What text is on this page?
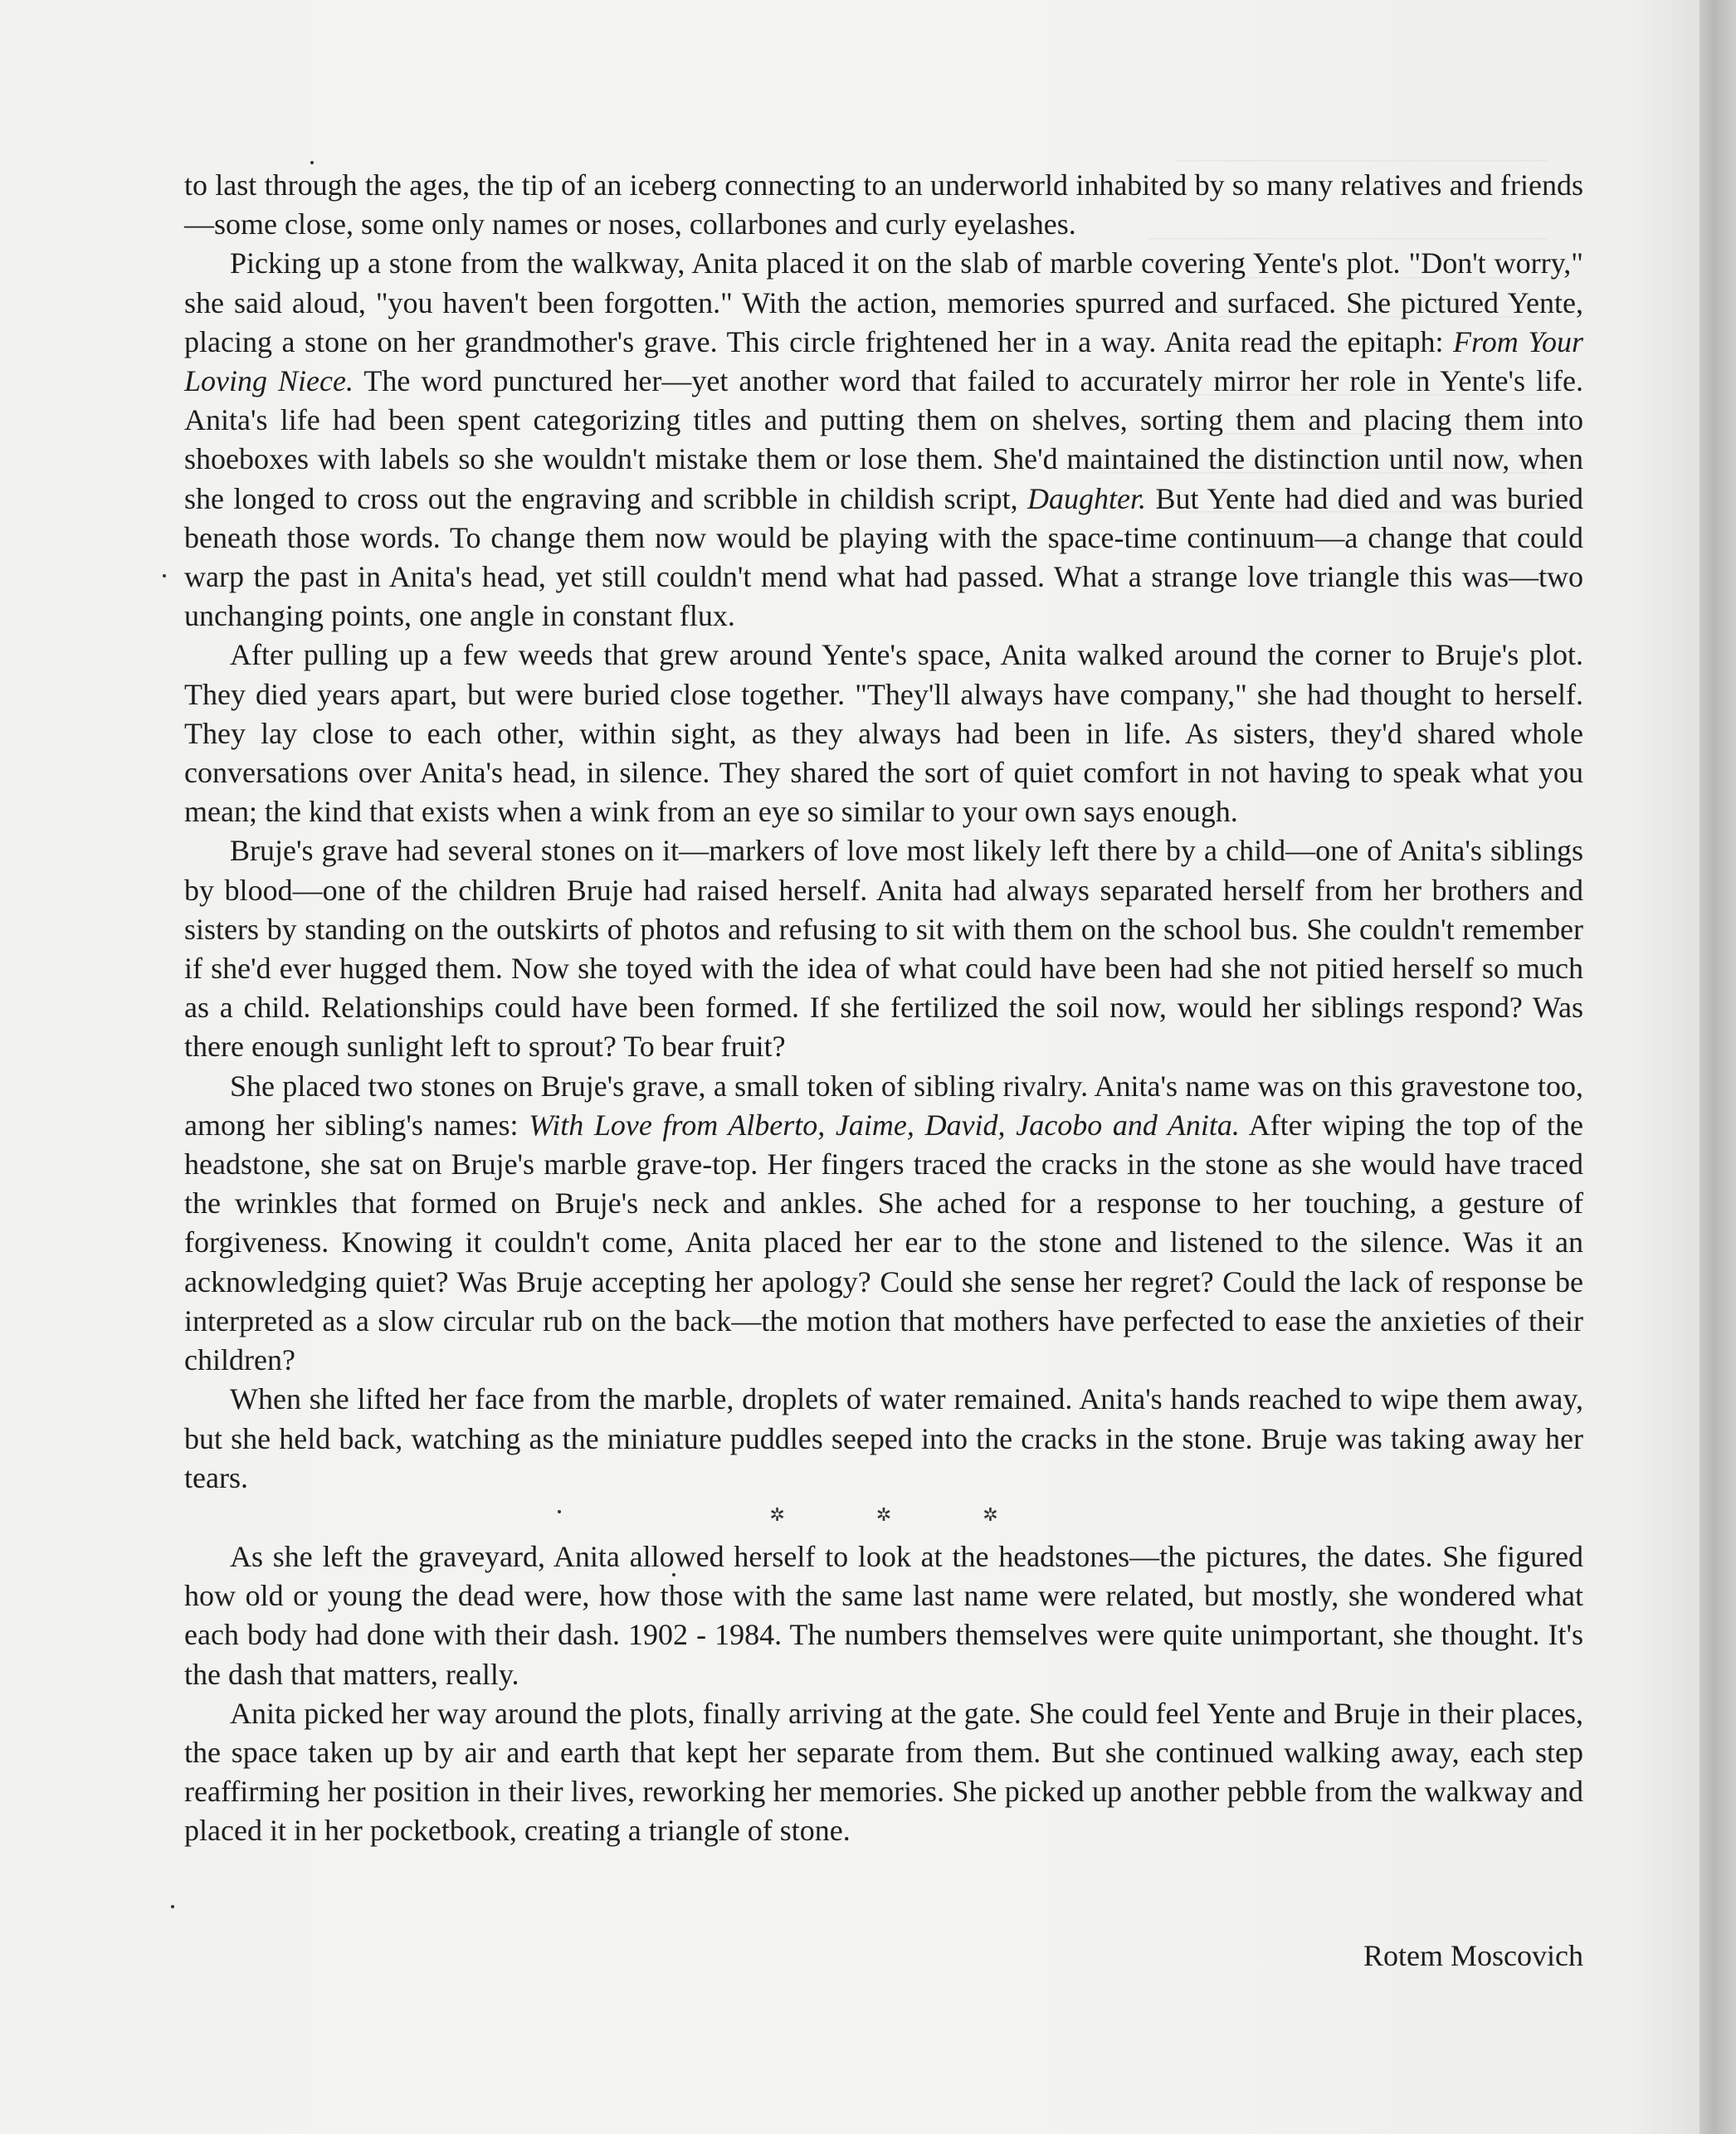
to last through the ages, the tip of an iceberg connecting to an underworld inhabited by so many relatives and friends—some close, some only names or noses, collarbones and curly eyelashes.

Picking up a stone from the walkway, Anita placed it on the slab of marble covering Yente's plot. "Don't worry," she said aloud, "you haven't been forgotten." With the action, memories spurred and surfaced. She pictured Yente, placing a stone on her grandmother's grave. This circle frightened her in a way. Anita read the epitaph: From Your Loving Niece. The word punctured her—yet another word that failed to accurately mirror her role in Yente's life. Anita's life had been spent categorizing titles and putting them on shelves, sorting them and placing them into shoeboxes with labels so she wouldn't mistake them or lose them. She'd maintained the distinction until now, when she longed to cross out the engraving and scribble in childish script, Daughter. But Yente had died and was buried beneath those words. To change them now would be playing with the space-time continuum—a change that could warp the past in Anita's head, yet still couldn't mend what had passed. What a strange love triangle this was—two unchanging points, one angle in constant flux.

After pulling up a few weeds that grew around Yente's space, Anita walked around the corner to Bruje's plot. They died years apart, but were buried close together. "They'll always have company," she had thought to herself. They lay close to each other, within sight, as they always had been in life. As sisters, they'd shared whole conversations over Anita's head, in silence. They shared the sort of quiet comfort in not having to speak what you mean; the kind that exists when a wink from an eye so similar to your own says enough.

Bruje's grave had several stones on it—markers of love most likely left there by a child—one of Anita's siblings by blood—one of the children Bruje had raised herself. Anita had always separated herself from her brothers and sisters by standing on the outskirts of photos and refusing to sit with them on the school bus. She couldn't remember if she'd ever hugged them. Now she toyed with the idea of what could have been had she not pitied herself so much as a child. Relationships could have been formed. If she fertilized the soil now, would her siblings respond? Was there enough sunlight left to sprout? To bear fruit?

She placed two stones on Bruje's grave, a small token of sibling rivalry. Anita's name was on this gravestone too, among her sibling's names: With Love from Alberto, Jaime, David, Jacobo and Anita. After wiping the top of the headstone, she sat on Bruje's marble grave-top. Her fingers traced the cracks in the stone as she would have traced the wrinkles that formed on Bruje's neck and ankles. She ached for a response to her touching, a gesture of forgiveness. Knowing it couldn't come, Anita placed her ear to the stone and listened to the silence. Was it an acknowledging quiet? Was Bruje accepting her apology? Could she sense her regret? Could the lack of response be interpreted as a slow circular rub on the back—the motion that mothers have perfected to ease the anxieties of their children?

When she lifted her face from the marble, droplets of water remained. Anita's hands reached to wipe them away, but she held back, watching as the miniature puddles seeped into the cracks in the stone. Bruje was taking away her tears.

✲	✲	✲

As she left the graveyard, Anita allowed herself to look at the headstones—the pictures, the dates. She figured how old or young the dead were, how those with the same last name were related, but mostly, she wondered what each body had done with their dash. 1902 - 1984. The numbers themselves were quite unimportant, she thought. It's the dash that matters, really.

Anita picked her way around the plots, finally arriving at the gate. She could feel Yente and Bruje in their places, the space taken up by air and earth that kept her separate from them. But she continued walking away, each step reaffirming her position in their lives, reworking her memories. She picked up another pebble from the walkway and placed it in her pocketbook, creating a triangle of stone.

Rotem Moscovich
